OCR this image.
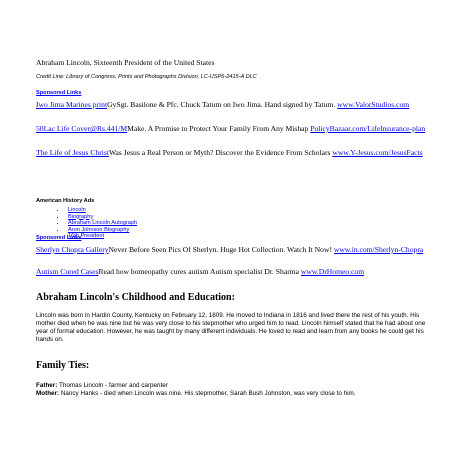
Abraham Lincoln, Sixteenth President of the United States
Credit Line: Library of Congress, Prints and Photographs Division, LC-USP6-2415-A DLC
Sponsored Links
Iwo Jima Marines printGySgt. Basilone & Pfc. Chuck Tatum on Iwo Jima. Hand signed by Tatum. www.ValorStudios.com
50Lac Life Cover@Rs.441/MMake. A Promise to Protect Your Family From Any Mishap PolicyBazaar.com/LifeInsurance-plan
The Life of Jesus ChristWas Jesus a Real Person or Myth? Discover the Evidence From Scholars www.Y-Jesus.com/JesusFacts
American History Ads
• Lincoln
• Biography
• Abraham Lincoln Autograph
• Aron Johnson Biography
• 16th President
Sponsored Links
Sherlyn Chopra GalleryNever Before Seen Pics Of Sherlyn. Huge Hot Collection. Watch It Now! www.in.com/Sherlyn-Chopra
Autism Cured CasesRead how homeopathy cures autism Autism specialist Dr. Sharma www.DrHomeo.com
Abraham Lincoln's Childhood and Education:
Lincoln was born in Hardin County, Kentucky on February 12, 1809. He moved to Indiana in 1816 and lived there the rest of his youth. His mother died when he was nine but he was very close to his stepmother who urged him to read. Lincoln himself stated that he had about one year of formal education. However, he was taught by many different individuals. He loved to read and learn from any books he could get his hands on.
Family Ties:
Father: Thomas Lincoln - farmer and carpenter
Mother: Nancy Hanks - died when Lincoln was nine. His stepmother, Sarah Bush Johnston, was very close to him.
